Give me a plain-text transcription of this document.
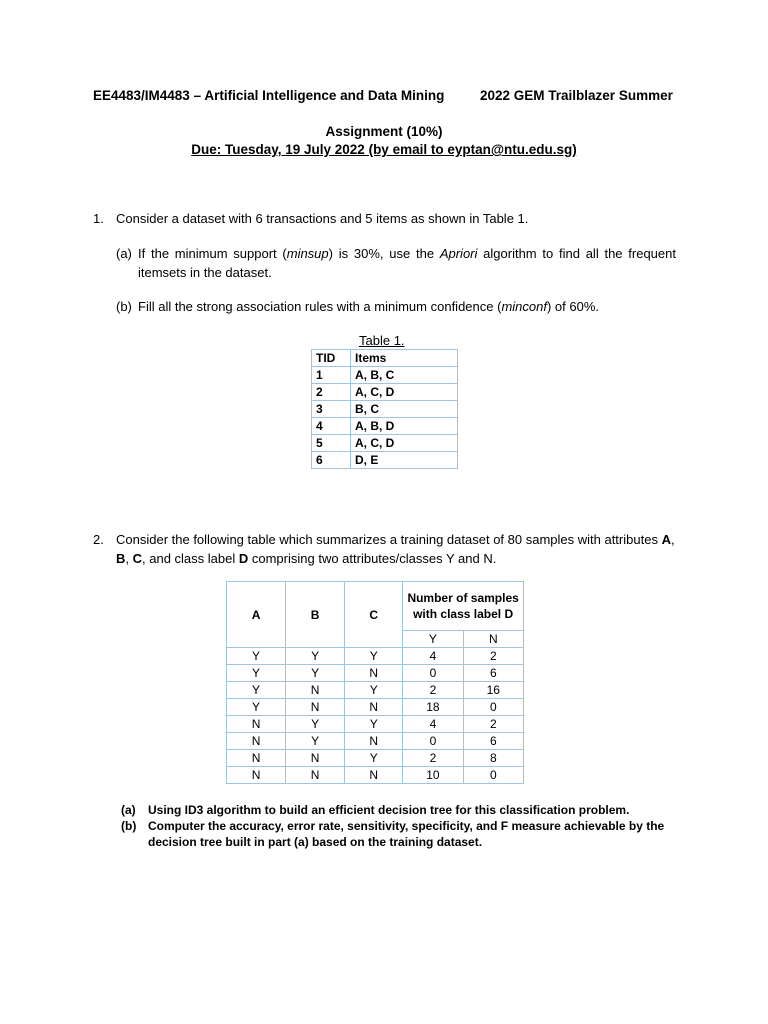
EE4483/IM4483 – Artificial Intelligence and Data Mining	2022 GEM Trailblazer Summer
Assignment (10%)
Due: Tuesday, 19 July 2022 (by email to eyptan@ntu.edu.sg)
1. Consider a dataset with 6 transactions and 5 items as shown in Table 1.
(a) If the minimum support (minsup) is 30%, use the Apriori algorithm to find all the frequent itemsets in the dataset.
(b) Fill all the strong association rules with a minimum confidence (minconf) of 60%.
Table 1.
TID	Items
1	A, B, C
2	A, C, D
3	B, C
4	A, B, D
5	A, C, D
6	D, E
2. Consider the following table which summarizes a training dataset of 80 samples with attributes A, B, C, and class label D comprising two attributes/classes Y and N.
A	B	C	Number of samples with class label D	
			Y	N
Y	Y	Y	4	2
Y	Y	N	0	6
Y	N	Y	2	16
Y	N	N	18	0
N	Y	Y	4	2
N	Y	N	0	6
N	N	Y	2	8
N	N	N	10	0
(a)	Using ID3 algorithm to build an efficient decision tree for this classification problem.
(b) Computer the accuracy, error rate, sensitivity, specificity, and F measure achievable by the decision tree built in part (a) based on the training dataset.
